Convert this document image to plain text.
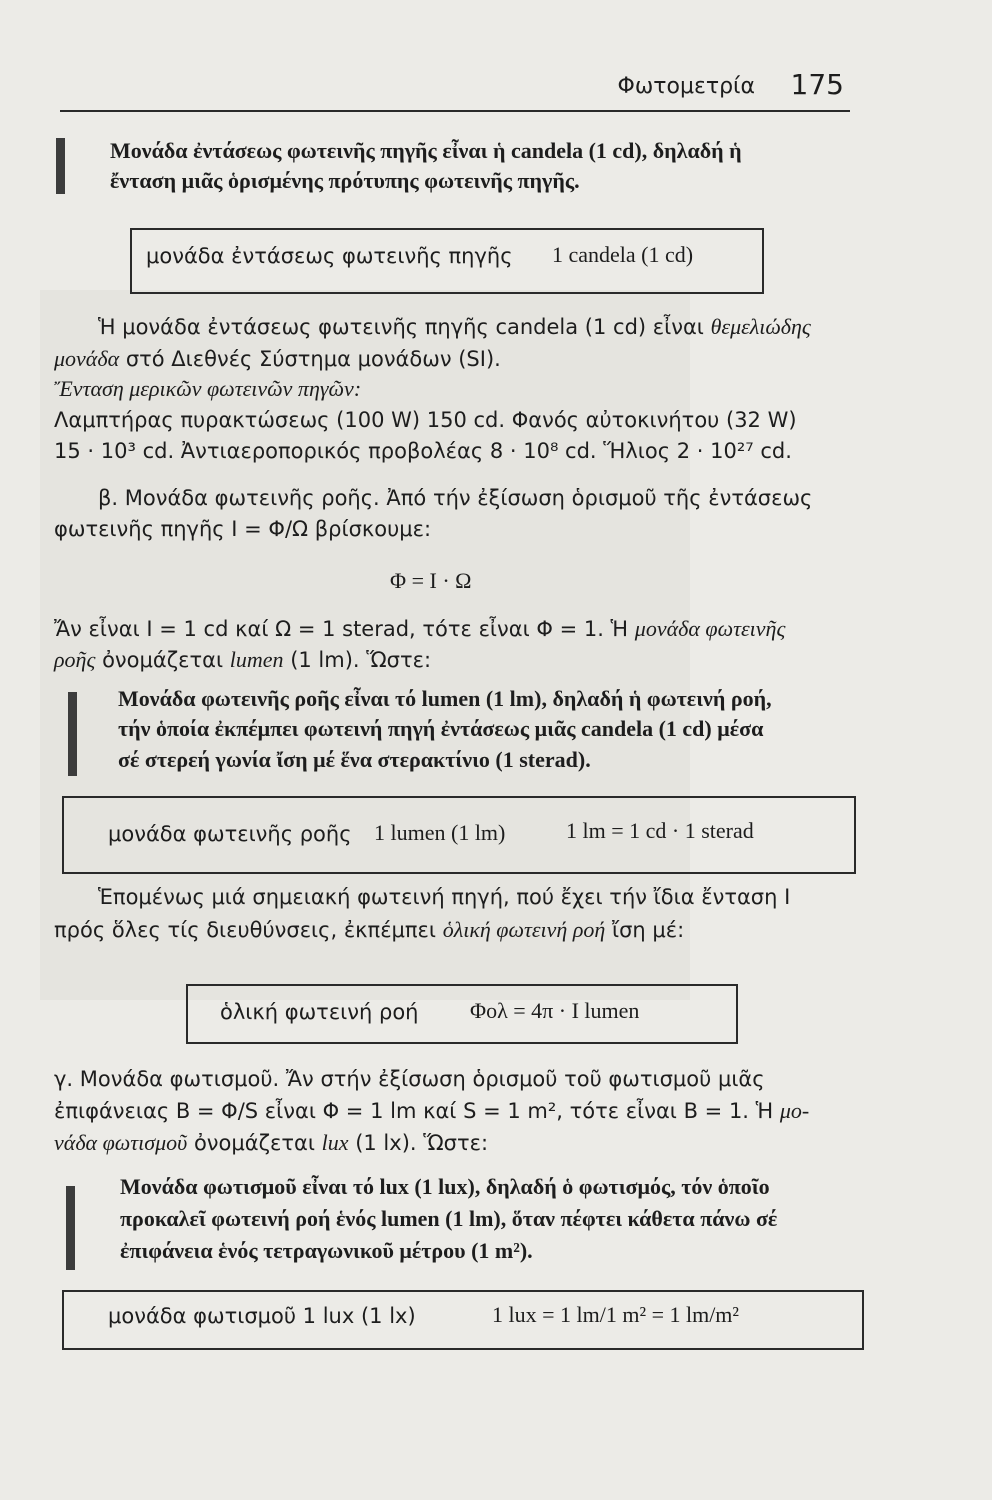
Φωτομετρία 175
Μονάδα ἐντάσεως φωτεινῆς πηγῆς εἶναι ἡ candela (1 cd), δηλαδή ἡ
ἔνταση μιᾶς ὁρισμένης πρότυπης φωτεινῆς πηγῆς.
μονάδα ἐντάσεως φωτεινῆς πηγῆς 1 candela (1 cd)
Ἡ μονάδα ἐντάσεως φωτεινῆς πηγῆς candela (1 cd) εἶναι θεμελιώδης
μονάδα στό Διεθνές Σύστημα μονάδων (SI).
Ἔνταση μερικῶν φωτεινῶν πηγῶν:
Λαμπτήρας πυρακτώσεως (100 W) 150 cd. Φανός αὐτοκινήτου (32 W)
15 · 10³ cd. Ἀντιαεροπορικός προβολέας 8 · 10⁸ cd. Ἥλιος 2 · 10²⁷ cd.
β. Μονάδα φωτεινῆς ροῆς. Ἀπό τήν ἐξίσωση ὁρισμοῦ τῆς ἐντάσεως
φωτεινῆς πηγῆς I = Φ/Ω βρίσκουμε:
Φ = I · Ω
Ἄν εἶναι I = 1 cd καί Ω = 1 sterad, τότε εἶναι Φ = 1. Ἡ μονάδα φωτεινῆς
ροῆς ὀνομάζεται lumen (1 lm). Ὥστε:
Μονάδα φωτεινῆς ροῆς εἶναι τό lumen (1 lm), δηλαδή ἡ φωτεινή ροή,
τήν ὁποία ἐκπέμπει φωτεινή πηγή ἐντάσεως μιᾶς candela (1 cd) μέσα
σέ στερεή γωνία ἴση μέ ἕνα στερακτίνιο (1 sterad).
μονάδα φωτεινῆς ροῆς 1 lumen (1 lm)	1 lm = 1 cd · 1 sterad
Ἑπομένως μιά σημειακή φωτεινή πηγή, πού ἔχει τήν ἴδια ἔνταση I
πρός ὅλες τίς διευθύνσεις, ἐκπέμπει ὁλική φωτεινή ροή ἴση μέ:
ὁλική φωτεινή ροή Φολ = 4π · I lumen
γ. Μονάδα φωτισμοῦ. Ἄν στήν ἐξίσωση ὁρισμοῦ τοῦ φωτισμοῦ μιᾶς
ἐπιφάνειας B = Φ/S εἶναι Φ = 1 lm καί S = 1 m², τότε εἶναι B = 1. Ἡ μο-
νάδα φωτισμοῦ ὀνομάζεται lux (1 lx). Ὥστε:
Μονάδα φωτισμοῦ εἶναι τό lux (1 lux), δηλαδή ὁ φωτισμός, τόν ὁποῖο
προκαλεῖ φωτεινή ροή ἑνός lumen (1 lm), ὅταν πέφτει κάθετα πάνω σέ
ἐπιφάνεια ἑνός τετραγωνικοῦ μέτρου (1 m²).
μονάδα φωτισμοῦ 1 lux (1 lx)	1 lux = 1 lm/1 m² = 1 lm/m²
